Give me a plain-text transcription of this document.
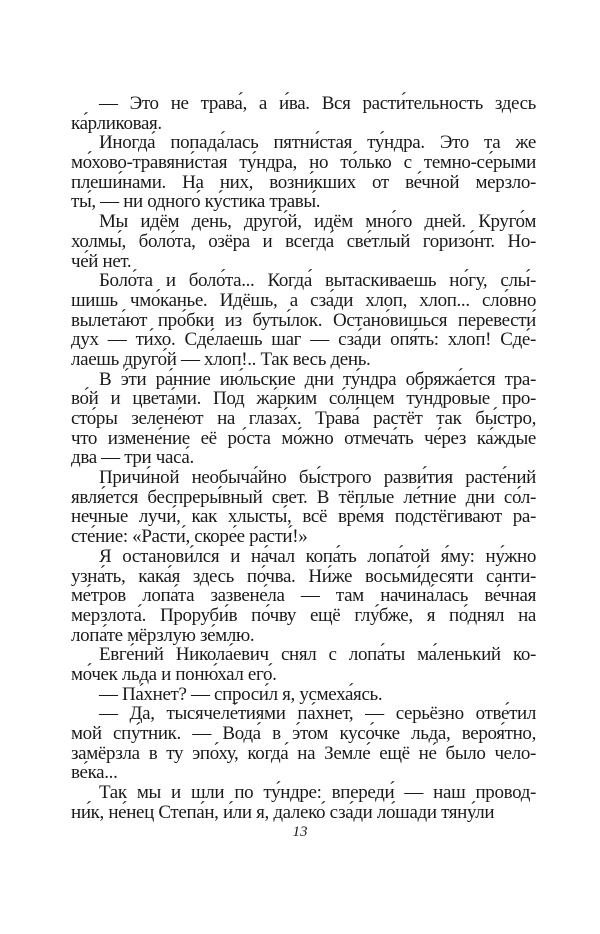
— Это не трава́, а и́ва. Вся расти́тельность здесь
ка́рликовая.
Иногда́ попада́лась пятни́стая ту́ндра. Это та же
мо́хово-травяни́стая ту́ндра, но то́лько с темно-се́рыми
плеши́нами. На них, возни́кших от ве́чной мерзло-
ты́, — ни одного́ ку́стика травы́.
Мы идём день, друго́й, идём мно́го дней. Круго́м
холмы́, боло́та, озёра и всегда́ све́тлый горизо́нт. Но-
че́й нет.
Боло́та и боло́та... Когда́ вытаскиваешь но́гу, слы́-
шишь чмо́канье. Идёшь, а сза́ди хлоп, хлоп... сло́вно
вылета́ют про́бки из буты́лок. Остано́вишься перевести́
дух — ти́хо. Сде́лаешь шаг — сза́ди опя́ть: хлоп! Сде́-
лаешь друго́й — хлоп!.. Так весь день.
В э́ти ра́нние ию́льские дни ту́ндра обряжа́ется тра-
во́й и цвета́ми. Под жа́рким со́лнцем ту́ндровые про-
сто́ры зелене́ют на глаза́х. Трава́ растёт так бы́стро,
что измене́ние её ро́ста мо́жно отмеча́ть че́рез ка́ждые
два — три часа́.
Причи́ной необыча́йно бы́строго разви́тия расте́ний
явля́ется беспреры́вный свет. В тёплые ле́тние дни со́л-
нечные лучи́, как хлысты́, всё вре́мя подстёгивают ра-
сте́ние: «Расти́, скоре́е расти́!»
Я останови́лся и на́чал копа́ть лопа́той я́му: ну́жно
узна́ть, кака́я здесь по́чва. Ни́же восьми́десяти санти-
ме́тров лопа́та зазвене́ла — там начина́лась ве́чная
мерзлота́. Проруби́в по́чву ещё глу́бже, я по́днял на
лопа́те мёрзлую зе́млю.
Евге́ний Никола́евич снял с лопа́ты ма́ленький ко-
мо́чек льда и поню́хал его́.
— Па́хнет? — спроси́л я, усмеха́ясь.
— Да, тысячеле́тиями па́хнет, — серьёзно отве́тил
мой спу́тник. — Вода́ в э́том кусо́чке льда, вероя́тно,
замёрзла в ту эпо́ху, когда́ на Земле́ ещё не́ было чело-
ве́ка...
Так мы и шли по ту́ндре: впереди́ — наш провод-
ни́к, не́нец Степа́н, и́ли я, далеко́ сза́ди ло́шади тяну́ли
13
